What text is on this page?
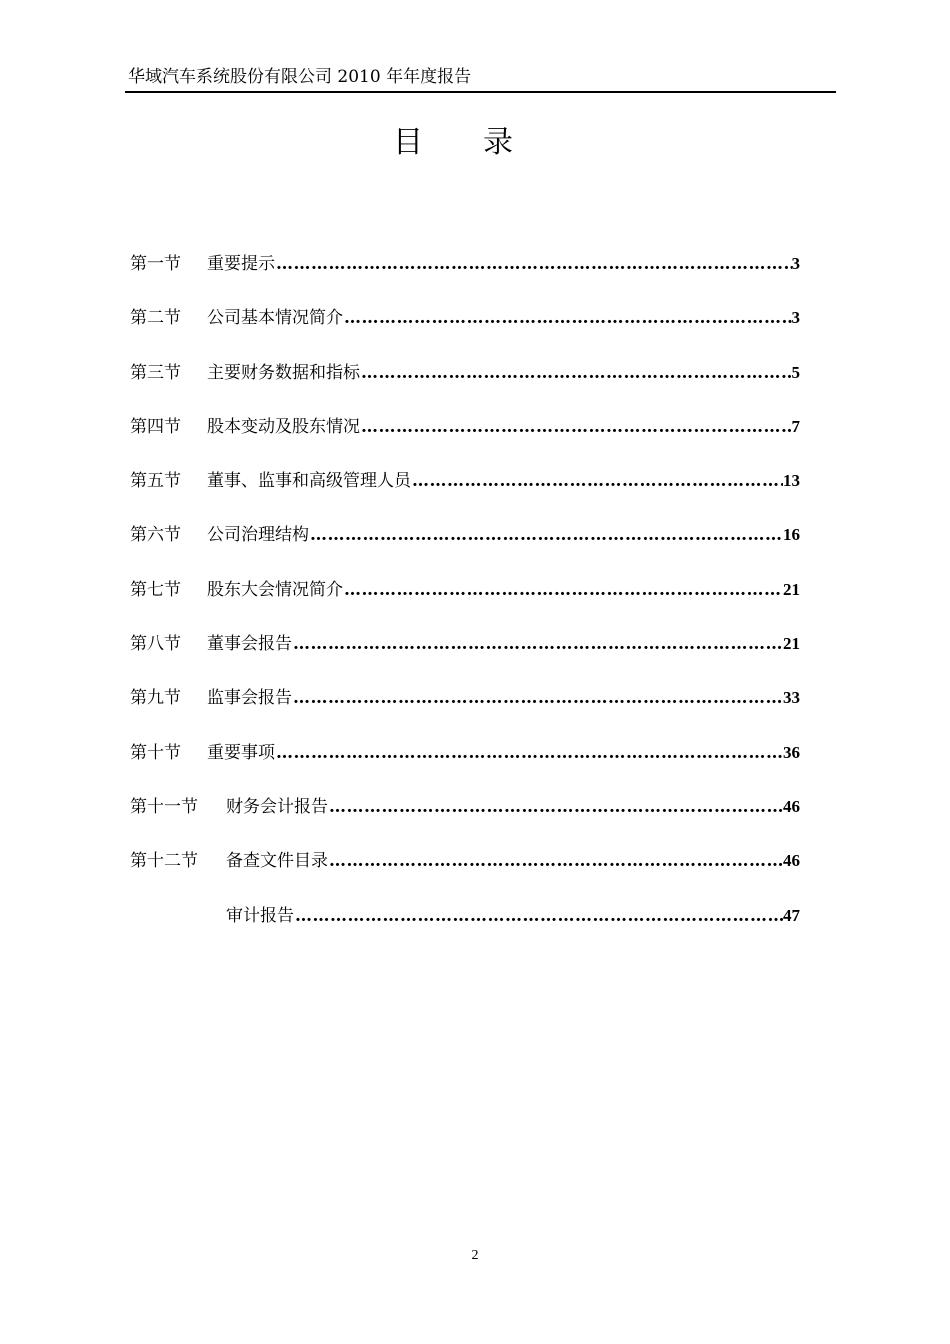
华域汽车系统股份有限公司 2010 年年度报告
目录
第一节	重要提示 ……………………………………………………………………………………………………………………………………………………………………	3
第二节	公司基本情况简介 ……………………………………………………………………………………………………………………………………………………………………	3
第三节	主要财务数据和指标 ……………………………………………………………………………………………………………………………………………………………………	5
第四节	股本变动及股东情况 ……………………………………………………………………………………………………………………………………………………………………	7
第五节	董事、监事和高级管理人员 ……………………………………………………………………………………………………………………………………………………………………	13
第六节	公司治理结构 ……………………………………………………………………………………………………………………………………………………………………	16
第七节	股东大会情况简介 ……………………………………………………………………………………………………………………………………………………………………	21
第八节	董事会报告 ……………………………………………………………………………………………………………………………………………………………………	21
第九节	监事会报告 ……………………………………………………………………………………………………………………………………………………………………	33
第十节	重要事项 ……………………………………………………………………………………………………………………………………………………………………	36
第十一节	财务会计报告 ……………………………………………………………………………………………………………………………………………………………………	46
第十二节	备查文件目录 ……………………………………………………………………………………………………………………………………………………………………	46
审计报告 ……………………………………………………………………………………………………………………………………………………………………	47
2
